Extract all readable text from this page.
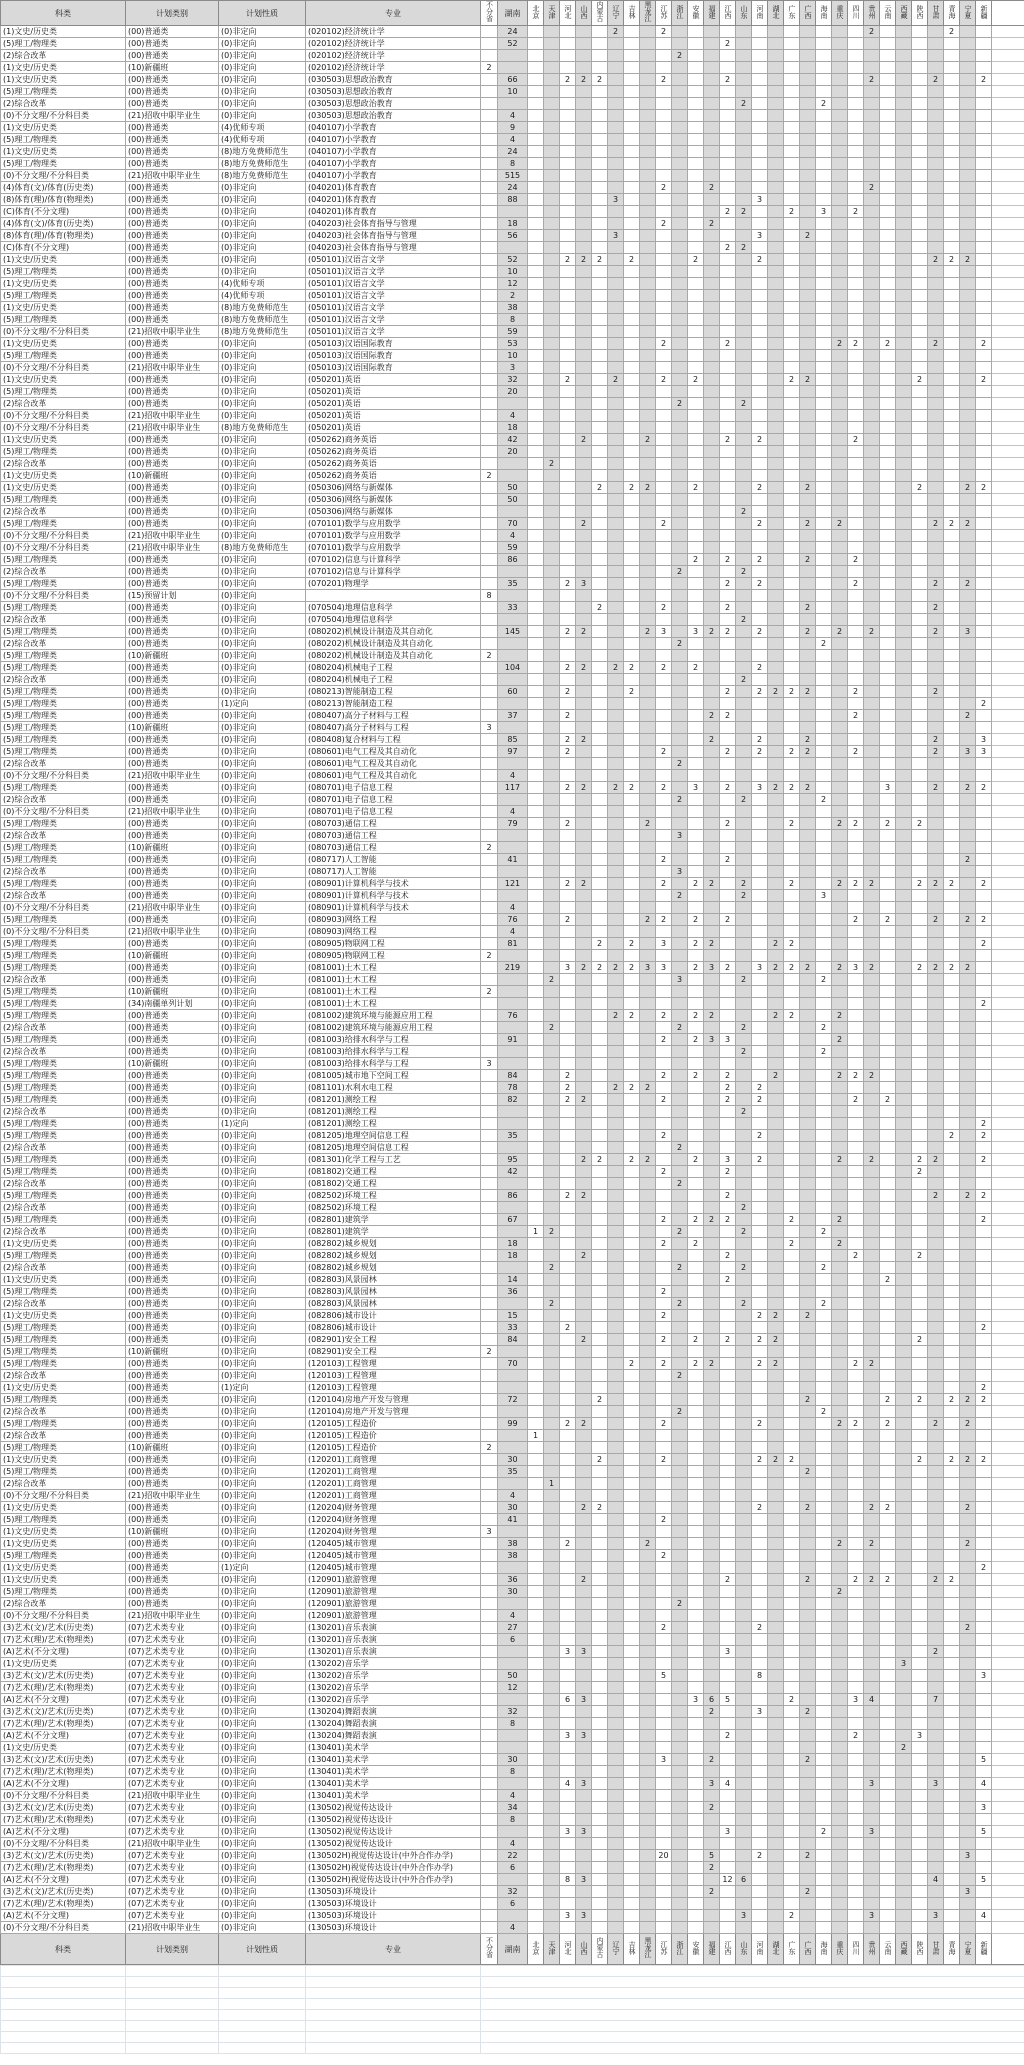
科类	计划类别	计划性质	专业	不分省	湖南	北京	天津	河北	山西	内蒙古	辽宁	吉林	黑龙江	江苏	浙江	安徽	福建	江西	山东	河南	湖北	广东	广西	海南	重庆	四川	贵州	云南	西藏	陕西	甘肃	青海	宁夏	新疆	
(1)文史/历史类	(00)普通类	(0)非定向	(020102)经济统计学		24						2			2													2					2			
(5)理工/物理类	(00)普通类	(0)非定向	(020102)经济统计学		52													2																	
(2)综合改革	(00)普通类	(0)非定向	(020102)经济统计学												2																				
(1)文史/历史类	(10)新疆班	(0)非定向	(020102)经济统计学	2																															
(1)文史/历史类	(00)普通类	(0)非定向	(030503)思想政治教育		66			2	2	2				2				2									2				2			2	
(5)理工/物理类	(00)普通类	(0)非定向	(030503)思想政治教育		10																														
(2)综合改革	(00)普通类	(0)非定向	(030503)思想政治教育																2					2											
(0)不分文理/不分科目类	(21)招收中职毕业生	(0)非定向	(030503)思想政治教育		4																														
(1)文史/历史类	(00)普通类	(4)优师专项	(040107)小学教育		9																														
(5)理工/物理类	(00)普通类	(4)优师专项	(040107)小学教育		4																														
(1)文史/历史类	(00)普通类	(8)地方免费师范生	(040107)小学教育		24																														
(5)理工/物理类	(00)普通类	(8)地方免费师范生	(040107)小学教育		8																														
(0)不分文理/不分科目类	(21)招收中职毕业生	(8)地方免费师范生	(040107)小学教育		515																														
(4)体育(文)/体育(历史类)	(00)普通类	(0)非定向	(040201)体育教育		24									2			2										2								
(8)体育(理)/体育(物理类)	(00)普通类	(0)非定向	(040201)体育教育		88						3									3															
(C)体育(不分文理)	(00)普通类	(0)非定向	(040201)体育教育															2	2			2		3		2									
(4)体育(文)/体育(历史类)	(00)普通类	(0)非定向	(040203)社会体育指导与管理		18									2			2																		
(8)体育(理)/体育(物理类)	(00)普通类	(0)非定向	(040203)社会体育指导与管理		56						3									3			2												
(C)体育(不分文理)	(00)普通类	(0)非定向	(040203)社会体育指导与管理															2	2																
(1)文史/历史类	(00)普通类	(0)非定向	(050101)汉语言文学		52			2	2	2		2				2				2											2	2	2		
(5)理工/物理类	(00)普通类	(0)非定向	(050101)汉语言文学		10																														
(1)文史/历史类	(00)普通类	(4)优师专项	(050101)汉语言文学		12																														
(5)理工/物理类	(00)普通类	(4)优师专项	(050101)汉语言文学		2																														
(1)文史/历史类	(00)普通类	(8)地方免费师范生	(050101)汉语言文学		38																														
(5)理工/物理类	(00)普通类	(8)地方免费师范生	(050101)汉语言文学		8																														
(0)不分文理/不分科目类	(21)招收中职毕业生	(8)地方免费师范生	(050101)汉语言文学		59																														
(1)文史/历史类	(00)普通类	(0)非定向	(050103)汉语国际教育		53									2				2							2	2		2			2			2	
(5)理工/物理类	(00)普通类	(0)非定向	(050103)汉语国际教育		10																														
(0)不分文理/不分科目类	(21)招收中职毕业生	(0)非定向	(050103)汉语国际教育		3																														
(1)文史/历史类	(00)普通类	(0)非定向	(050201)英语		32			2			2			2		2						2	2							2				2	
(5)理工/物理类	(00)普通类	(0)非定向	(050201)英语		20																														
(2)综合改革	(00)普通类	(0)非定向	(050201)英语												2				2																
(0)不分文理/不分科目类	(21)招收中职毕业生	(0)非定向	(050201)英语		4																														
(0)不分文理/不分科目类	(21)招收中职毕业生	(8)地方免费师范生	(050201)英语		18																														
(1)文史/历史类	(00)普通类	(0)非定向	(050262)商务英语		42				2				2					2		2						2									
(5)理工/物理类	(00)普通类	(0)非定向	(050262)商务英语		20																														
(2)综合改革	(00)普通类	(0)非定向	(050262)商务英语				2																												
(1)文史/历史类	(10)新疆班	(0)非定向	(050262)商务英语	2																															
(1)文史/历史类	(00)普通类	(0)非定向	(050306)网络与新媒体		50					2		2	2			2				2			2							2			2	2	
(5)理工/物理类	(00)普通类	(0)非定向	(050306)网络与新媒体		50																														
(2)综合改革	(00)普通类	(0)非定向	(050306)网络与新媒体																2																
(5)理工/物理类	(00)普通类	(0)非定向	(070101)数学与应用数学		70				2					2						2			2		2						2	2	2		
(0)不分文理/不分科目类	(21)招收中职毕业生	(0)非定向	(070101)数学与应用数学		4																														
(0)不分文理/不分科目类	(21)招收中职毕业生	(8)地方免费师范生	(070101)数学与应用数学		59																														
(5)理工/物理类	(00)普通类	(0)非定向	(070102)信息与计算科学		86											2		2		2			2			2									
(2)综合改革	(00)普通类	(0)非定向	(070102)信息与计算科学												2				2																
(5)理工/物理类	(00)普通类	(0)非定向	(070201)物理学		35			2	3									2		2						2					2		2		
(0)不分文理/不分科目类	(15)预留计划	(0)非定向		8																															
(5)理工/物理类	(00)普通类	(0)非定向	(070504)地理信息科学		33					2				2				2					2								2				
(2)综合改革	(00)普通类	(0)非定向	(070504)地理信息科学																2																
(5)理工/物理类	(00)普通类	(0)非定向	(080202)机械设计制造及其自动化		145			2	2				2	3		3	2	2		2			2		2		2				2		3		
(2)综合改革	(00)普通类	(0)非定向	(080202)机械设计制造及其自动化												2									2											
(5)理工/物理类	(10)新疆班	(0)非定向	(080202)机械设计制造及其自动化	2																															
(5)理工/物理类	(00)普通类	(0)非定向	(080204)机械电子工程		104			2	2		2	2		2		2				2															
(2)综合改革	(00)普通类	(0)非定向	(080204)机械电子工程																2																
(5)理工/物理类	(00)普通类	(0)非定向	(080213)智能制造工程		60			2				2						2		2	2	2	2			2					2				
(5)理工/物理类	(00)普通类	(1)定向	(080213)智能制造工程																															2	
(5)理工/物理类	(00)普通类	(0)非定向	(080407)高分子材料与工程		37			2									2	2								2							2		
(5)理工/物理类	(10)新疆班	(0)非定向	(080407)高分子材料与工程	3																															
(5)理工/物理类	(00)普通类	(0)非定向	(080408)复合材料与工程		85			2	2								2			2			2								2			3	
(5)理工/物理类	(00)普通类	(0)非定向	(080601)电气工程及其自动化		97			2						2				2		2		2	2			2					2		3	3	
(2)综合改革	(00)普通类	(0)非定向	(080601)电气工程及其自动化												2																				
(0)不分文理/不分科目类	(21)招收中职毕业生	(0)非定向	(080601)电气工程及其自动化		4																														
(5)理工/物理类	(00)普通类	(0)非定向	(080701)电子信息工程		117			2	2		2	2		2		3		2		3	2	2	2					3			2		2	2	
(2)综合改革	(00)普通类	(0)非定向	(080701)电子信息工程												2				2					2											
(0)不分文理/不分科目类	(21)招收中职毕业生	(0)非定向	(080701)电子信息工程		4																														
(5)理工/物理类	(00)普通类	(0)非定向	(080703)通信工程		79			2					2					2				2			2	2		2		2					
(2)综合改革	(00)普通类	(0)非定向	(080703)通信工程												3																				
(5)理工/物理类	(10)新疆班	(0)非定向	(080703)通信工程	2																															
(5)理工/物理类	(00)普通类	(0)非定向	(080717)人工智能		41									2				2															2		
(2)综合改革	(00)普通类	(0)非定向	(080717)人工智能												3																				
(5)理工/物理类	(00)普通类	(0)非定向	(080901)计算机科学与技术		121			2	2					2		2	2		2			2			2	2	2			2	2	2		2	
(2)综合改革	(00)普通类	(0)非定向	(080901)计算机科学与技术												2				2					3											
(0)不分文理/不分科目类	(21)招收中职毕业生	(0)非定向	(080901)计算机科学与技术		4																														
(5)理工/物理类	(00)普通类	(0)非定向	(080903)网络工程		76			2					2	2		2		2								2		2			2		2	2	
(0)不分文理/不分科目类	(21)招收中职毕业生	(0)非定向	(080903)网络工程		4																														
(5)理工/物理类	(00)普通类	(0)非定向	(080905)物联网工程		81					2		2		3		2	2				2	2												2	
(5)理工/物理类	(10)新疆班	(0)非定向	(080905)物联网工程	2																															
(5)理工/物理类	(00)普通类	(0)非定向	(081001)土木工程		219			3	2	2	2	2	3	3		2	3	2		3	2	2	2		2	3	2			2	2	2	2		
(2)综合改革	(00)普通类	(0)非定向	(081001)土木工程				2								3				2					2											
(5)理工/物理类	(10)新疆班	(0)非定向	(081001)土木工程	2																															
(5)理工/物理类	(34)南疆单列计划	(0)非定向	(081001)土木工程																															2	
(5)理工/物理类	(00)普通类	(0)非定向	(081002)建筑环境与能源应用工程		76						2	2		2		2	2				2	2			2										
(2)综合改革	(00)普通类	(0)非定向	(081002)建筑环境与能源应用工程				2								2				2					2											
(5)理工/物理类	(00)普通类	(0)非定向	(081003)给排水科学与工程		91									2		2	3	3							2										
(2)综合改革	(00)普通类	(0)非定向	(081003)给排水科学与工程																2					2											
(5)理工/物理类	(10)新疆班	(0)非定向	(081003)给排水科学与工程	3																															
(5)理工/物理类	(00)普通类	(0)非定向	(081005)城市地下空间工程		84			2						2		2		2			2				2	2	2								
(5)理工/物理类	(00)普通类	(0)非定向	(081101)水利水电工程		78			2			2	2	2					2		2															
(5)理工/物理类	(00)普通类	(0)非定向	(081201)测绘工程		82			2	2					2				2		2						2		2							
(2)综合改革	(00)普通类	(0)非定向	(081201)测绘工程																2																
(5)理工/物理类	(00)普通类	(1)定向	(081201)测绘工程																															2	
(5)理工/物理类	(00)普通类	(0)非定向	(081205)地理空间信息工程		35									2						2												2		2	
(2)综合改革	(00)普通类	(0)非定向	(081205)地理空间信息工程												2																				
(5)理工/物理类	(00)普通类	(0)非定向	(081301)化学工程与工艺		95				2	2		2	2			2		3		2					2		2			2	2			2	
(5)理工/物理类	(00)普通类	(0)非定向	(081802)交通工程		42									2				2												2					
(2)综合改革	(00)普通类	(0)非定向	(081802)交通工程												2																				
(5)理工/物理类	(00)普通类	(0)非定向	(082502)环境工程		86			2	2									2													2		2	2	
(2)综合改革	(00)普通类	(0)非定向	(082502)环境工程																2																
(5)理工/物理类	(00)普通类	(0)非定向	(082801)建筑学		67									2		2	2	2				2			2									2	
(2)综合改革	(00)普通类	(0)非定向	(082801)建筑学			1	2								2				2					2											
(1)文史/历史类	(00)普通类	(0)非定向	(082802)城乡规划		18									2		2						2			2										
(5)理工/物理类	(00)普通类	(0)非定向	(082802)城乡规划		18				2									2								2				2					
(2)综合改革	(00)普通类	(0)非定向	(082802)城乡规划				2								2				2					2											
(1)文史/历史类	(00)普通类	(0)非定向	(082803)风景园林		14													2										2							
(5)理工/物理类	(00)普通类	(0)非定向	(082803)风景园林		36									2																					
(2)综合改革	(00)普通类	(0)非定向	(082803)风景园林				2								2				2					2											
(1)文史/历史类	(00)普通类	(0)非定向	(082806)城市设计		15									2						2	2		2												
(5)理工/物理类	(00)普通类	(0)非定向	(082806)城市设计		33			2																										2	
(5)理工/物理类	(00)普通类	(0)非定向	(082901)安全工程		84				2					2		2		2		2	2									2					
(5)理工/物理类	(10)新疆班	(0)非定向	(082901)安全工程	2																															
(5)理工/物理类	(00)普通类	(0)非定向	(120103)工程管理		70							2		2		2	2			2	2					2	2								
(2)综合改革	(00)普通类	(0)非定向	(120103)工程管理												2																				
(1)文史/历史类	(00)普通类	(1)定向	(120103)工程管理																															2	
(5)理工/物理类	(00)普通类	(0)非定向	(120104)房地产开发与管理		72					2													2					2		2		2	2	2	
(2)综合改革	(00)普通类	(0)非定向	(120104)房地产开发与管理												2									2											
(5)理工/物理类	(00)普通类	(0)非定向	(120105)工程造价		99			2	2					2						2					2	2		2			2		2		
(2)综合改革	(00)普通类	(0)非定向	(120105)工程造价			1																													
(5)理工/物理类	(10)新疆班	(0)非定向	(120105)工程造价	2																															
(1)文史/历史类	(00)普通类	(0)非定向	(120201)工商管理		30					2				2						2	2	2								2		2	2	2	
(5)理工/物理类	(00)普通类	(0)非定向	(120201)工商管理		35																		2												
(2)综合改革	(00)普通类	(0)非定向	(120201)工商管理				1																												
(0)不分文理/不分科目类	(21)招收中职毕业生	(0)非定向	(120201)工商管理		4																														
(1)文史/历史类	(00)普通类	(0)非定向	(120204)财务管理		30				2	2										2			2				2	2					2		
(5)理工/物理类	(00)普通类	(0)非定向	(120204)财务管理		41									2																					
(1)文史/历史类	(10)新疆班	(0)非定向	(120204)财务管理	3																															
(1)文史/历史类	(00)普通类	(0)非定向	(120405)城市管理		38			2					2												2		2						2		
(5)理工/物理类	(00)普通类	(0)非定向	(120405)城市管理		38									2																					
(1)文史/历史类	(00)普通类	(1)定向	(120405)城市管理																															2	
(1)文史/历史类	(00)普通类	(0)非定向	(120901)旅游管理		36				2									2					2			2	2	2			2	2			
(5)理工/物理类	(00)普通类	(0)非定向	(120901)旅游管理		30																				2										
(2)综合改革	(00)普通类	(0)非定向	(120901)旅游管理												2																				
(0)不分文理/不分科目类	(21)招收中职毕业生	(0)非定向	(120901)旅游管理		4																														
(3)艺术(文)/艺术(历史类)	(07)艺术类专业	(0)非定向	(130201)音乐表演		27									2						2													2		
(7)艺术(理)/艺术(物理类)	(07)艺术类专业	(0)非定向	(130201)音乐表演		6																														
(A)艺术(不分文理)	(07)艺术类专业	(0)非定向	(130201)音乐表演					3	3									3													2				
(1)文史/历史类	(07)艺术类专业	(0)非定向	(130202)音乐学																										3						
(3)艺术(文)/艺术(历史类)	(07)艺术类专业	(0)非定向	(130202)音乐学		50									5						8														3	
(7)艺术(理)/艺术(物理类)	(07)艺术类专业	(0)非定向	(130202)音乐学		12																														
(A)艺术(不分文理)	(07)艺术类专业	(0)非定向	(130202)音乐学					6	3							3	6	5				2				3	4				7				
(3)艺术(文)/艺术(历史类)	(07)艺术类专业	(0)非定向	(130204)舞蹈表演		32												2			3			2												
(7)艺术(理)/艺术(物理类)	(07)艺术类专业	(0)非定向	(130204)舞蹈表演		8																														
(A)艺术(不分文理)	(07)艺术类专业	(0)非定向	(130204)舞蹈表演					3	3									2								2				3					
(1)文史/历史类	(07)艺术类专业	(0)非定向	(130401)美术学																										2						
(3)艺术(文)/艺术(历史类)	(07)艺术类专业	(0)非定向	(130401)美术学		30									3			2						2											5	
(7)艺术(理)/艺术(物理类)	(07)艺术类专业	(0)非定向	(130401)美术学		8																														
(A)艺术(不分文理)	(07)艺术类专业	(0)非定向	(130401)美术学					4	3								3	4									3				3			4	
(0)不分文理/不分科目类	(21)招收中职毕业生	(0)非定向	(130401)美术学		4																														
(3)艺术(文)/艺术(历史类)	(07)艺术类专业	(0)非定向	(130502)视觉传达设计		34												2																	3	
(7)艺术(理)/艺术(物理类)	(07)艺术类专业	(0)非定向	(130502)视觉传达设计		8																														
(A)艺术(不分文理)	(07)艺术类专业	(0)非定向	(130502)视觉传达设计					3	3									3						2			3							5	
(0)不分文理/不分科目类	(21)招收中职毕业生	(0)非定向	(130502)视觉传达设计		4																														
(3)艺术(文)/艺术(历史类)	(07)艺术类专业	(0)非定向	(130502H)视觉传达设计(中外合作办学)		22									20			5			2			2										3		
(7)艺术(理)/艺术(物理类)	(07)艺术类专业	(0)非定向	(130502H)视觉传达设计(中外合作办学)		6												2																		
(A)艺术(不分文理)	(07)艺术类专业	(0)非定向	(130502H)视觉传达设计(中外合作办学)					8	3									12	6												4			5	
(3)艺术(文)/艺术(历史类)	(07)艺术类专业	(0)非定向	(130503)环境设计		32												2						2										3		
(7)艺术(理)/艺术(物理类)	(07)艺术类专业	(0)非定向	(130503)环境设计		6																														
(A)艺术(不分文理)	(07)艺术类专业	(0)非定向	(130503)环境设计					3	3										3			2					3				3			4	
(0)不分文理/不分科目类	(21)招收中职毕业生	(0)非定向	(130503)环境设计		4																														
科类	计划类别	计划性质	专业	不分省	湖南	北京	天津	河北	山西	内蒙古	辽宁	吉林	黑龙江	江苏	浙江	安徽	福建	江西	山东	河南	湖北	广东	广西	海南	重庆	四川	贵州	云南	西藏	陕西	甘肃	青海	宁夏	新疆	
